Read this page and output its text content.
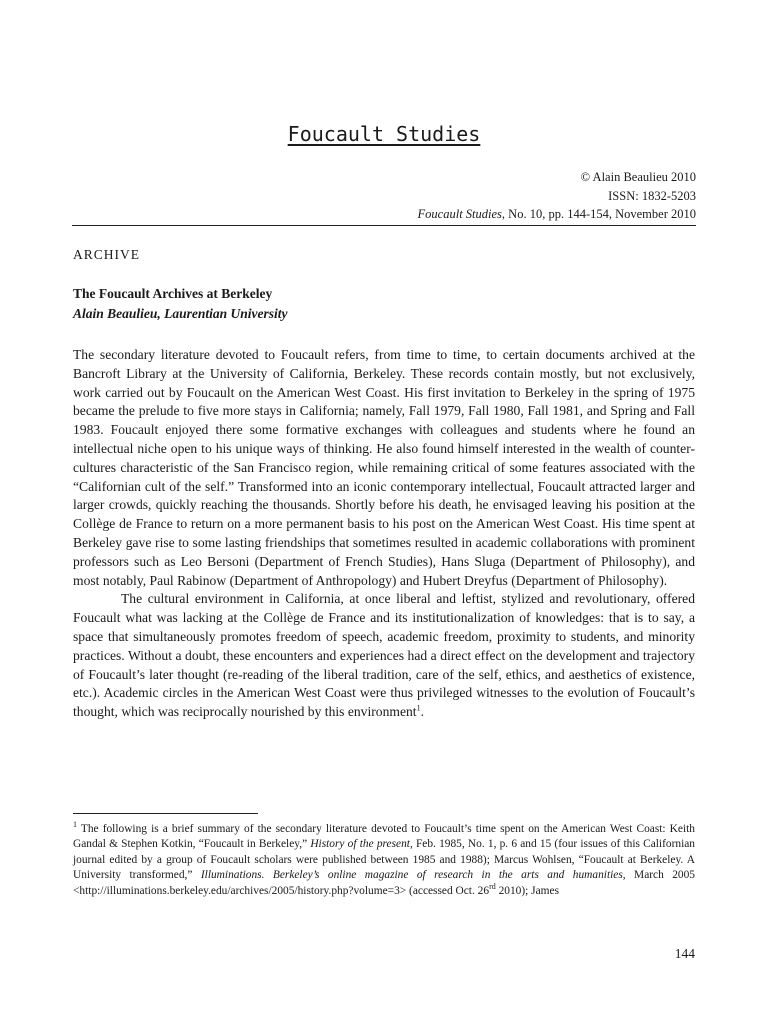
Foucault Studies
© Alain Beaulieu 2010
ISSN: 1832-5203
Foucault Studies, No. 10, pp. 144-154, November 2010
ARCHIVE
The Foucault Archives at Berkeley
Alain Beaulieu, Laurentian University

The secondary literature devoted to Foucault refers, from time to time, to certain documents archived at the Bancroft Library at the University of California, Berkeley. These records contain mostly, but not exclusively, work carried out by Foucault on the American West Coast. His first invitation to Berkeley in the spring of 1975 became the prelude to five more stays in California; namely, Fall 1979, Fall 1980, Fall 1981, and Spring and Fall 1983. Foucault enjoyed there some formative exchanges with colleagues and students where he found an intellectual niche open to his unique ways of thinking. He also found himself interested in the wealth of counter-cultures characteristic of the San Francisco region, while remaining critical of some features associated with the “Californian cult of the self.” Transformed into an iconic contemporary intellectual, Foucault attracted larger and larger crowds, quickly reaching the thousands. Shortly before his death, he envisaged leaving his position at the Collège de France to return on a more permanent basis to his post on the American West Coast. His time spent at Berkeley gave rise to some lasting friendships that sometimes resulted in academic collaborations with prominent professors such as Leo Bersoni (Department of French Studies), Hans Sluga (Department of Philosophy), and most notably, Paul Rabinow (Department of Anthropology) and Hubert Dreyfus (Department of Philosophy).

The cultural environment in California, at once liberal and leftist, stylized and revolutionary, offered Foucault what was lacking at the Collège de France and its institutionalization of knowledges: that is to say, a space that simultaneously promotes freedom of speech, academic freedom, proximity to students, and minority practices. Without a doubt, these encounters and experiences had a direct effect on the development and trajectory of Foucault’s later thought (re-reading of the liberal tradition, care of the self, ethics, and aesthetics of existence, etc.). Academic circles in the American West Coast were thus privileged witnesses to the evolution of Foucault’s thought, which was reciprocally nourished by this environment$^1$.

$^1$ The following is a brief summary of the secondary literature devoted to Foucault’s time spent on the American West Coast: Keith Gandal & Stephen Kotkin, “Foucault in Berkeley,” History of the present, Feb. 1985, No. 1, p. 6 and 15 (four issues of this Californian journal edited by a group of Foucault scholars were published between 1985 and 1988); Marcus Wohlsen, “Foucault at Berkeley. A University transformed,” Illuminations. Berkeley’s online magazine of research in the arts and humanities, March 2005 <http://illuminations.berkeley.edu/archives/2005/history.php?volume=3> (accessed Oct. 26rd 2010); James
144
